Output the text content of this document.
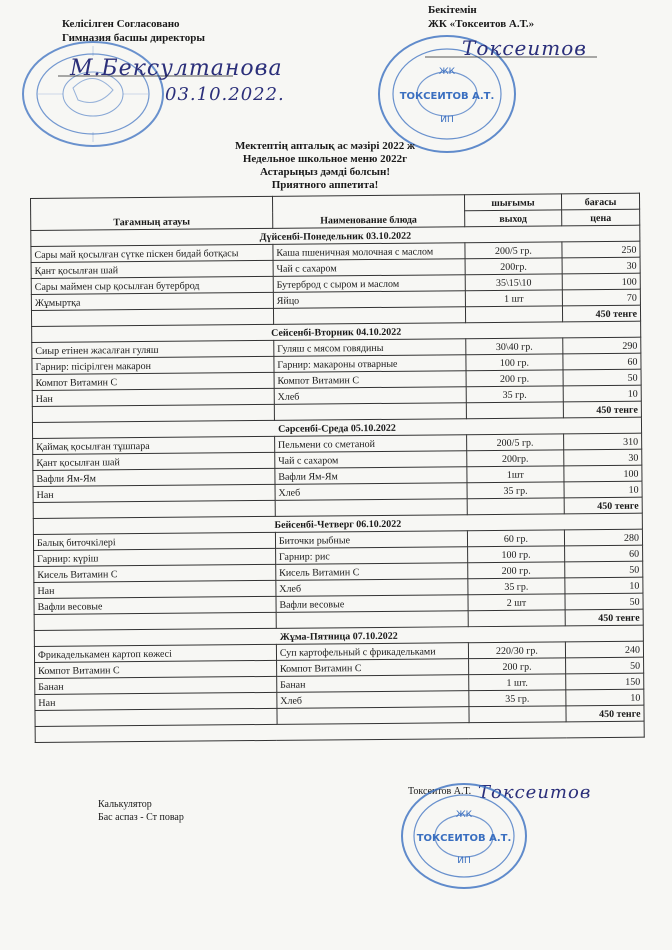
Келісілген Согласовано
Гимназия басшы директоры
М.Бексултанова
03.10.2022.
Бекітемін
ЖК «Токсеитов А.Т.»
ЖК
ТОКСЕИТОВ А.Т.
ИП
Токсеитов
Мектептің апталық ас мәзірі 2022 ж
Недельное школьное меню 2022г
Астарыңыз дәмді болсын!
Приятного аппетита!
Тағамның атауы	Наименование блюда	шығымы	бағасы
		выход	цена
Дүйсенбі-Понедельник 03.10.2022			
Сары май қосылған сүтке піскен бидай ботқасы	Каша пшеничная молочная с маслом	200/5 гр.	250
Қант қосылған шай	Чай с сахаром	200гр.	30
Сары маймен сыр қосылған бутерброд	Бутерброд с сыром и маслом	35\15\10	100
Жұмыртқа	Яйцо	1 шт	70
			450 тенге
Сейсенбі-Вторник 04.10.2022			
Сиыр етінен жасалған гуляш	Гуляш с мясом говядины	30\40 гр.	290
Гарнир: пісірілген макарон	Гарнир: макароны отварные	100 гр.	60
Компот Витамин С	Компот Витамин С	200 гр.	50
Нан	Хлеб	35 гр.	10
			450 тенге
Сәрсенбі-Среда 05.10.2022			
Қаймақ қосылған тұшпара	Пельмени со сметаной	200/5 гр.	310
Қант қосылған шай	Чай с сахаром	200гр.	30
Вафли Ям-Ям	Вафли Ям-Ям	1шт	100
Нан	Хлеб	35 гр.	10
			450 тенге
Бейсенбі-Четверг 06.10.2022			
Балық биточкілері	Биточки рыбные	60 гр.	280
Гарнир: күріш	Гарнир: рис	100 гр.	60
Кисель Витамин С	Кисель Витамин С	200 гр.	50
Нан	Хлеб	35 гр.	10
Вафли весовые	Вафли весовые	2 шт	50
			450 тенге
Жұма-Пятница 07.10.2022			
Фрикаделькамен картоп көжесі	Суп картофельный с фрикадельками	220/30 гр.	240
Компот Витамин С	Компот Витамин С	200 гр.	50
Банан	Банан	1 шт.	150
Нан	Хлеб	35 гр.	10
			450 тенге

Калькулятор
Бас аспаз - Ст повар
Токсеитов А.Т. Токсеитов
ЖК
ТОКСЕИТОВ А.Т.
ИП
